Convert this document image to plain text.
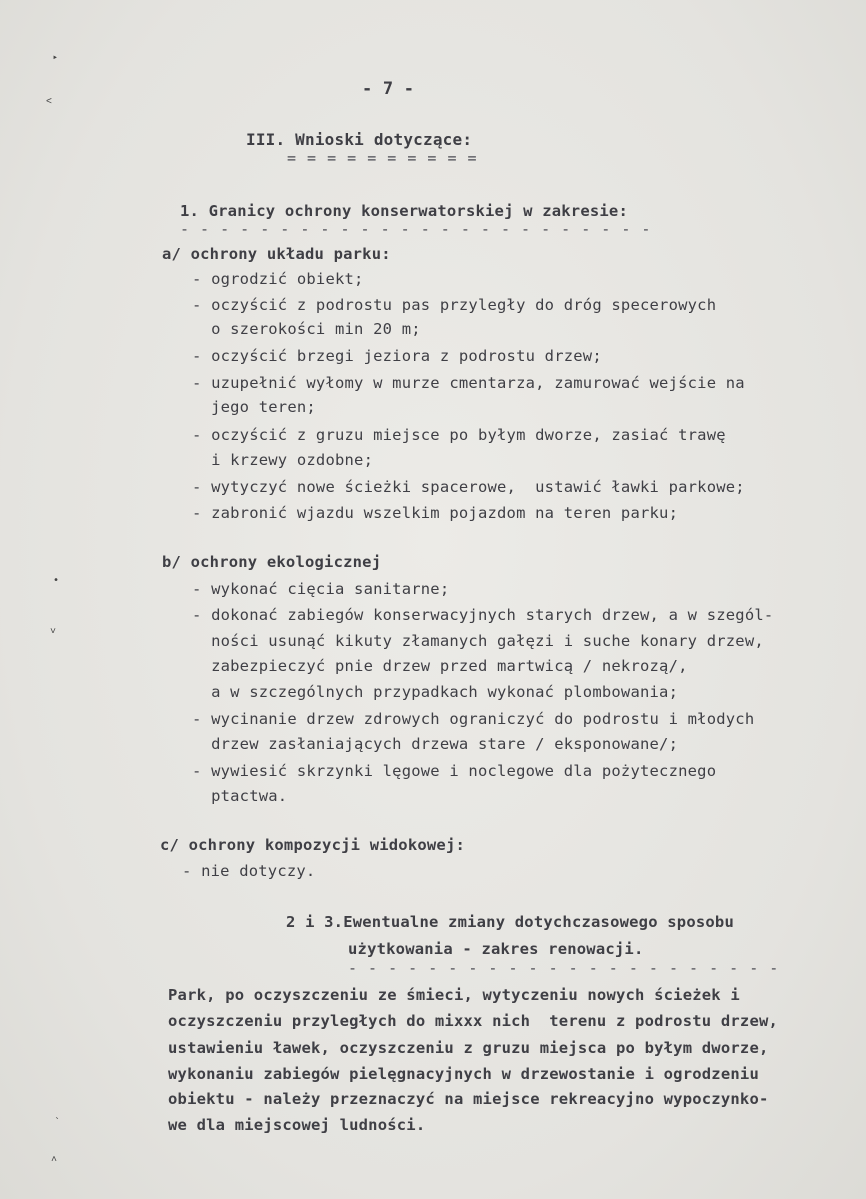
‣
˂
•
˅
ˎ
˄
- 7 -
III. Wnioski dotyczące:
= = = = = = = = = =
1. Granicy ochrony konserwatorskiej w zakresie:
- - - - - - - - - - - - - - - - - - - - - - - -
a/ ochrony układu parku:
- ogrodzić obiekt;
- oczyścić z podrostu pas przyległy do dróg specerowych
o szerokości min 20 m;
- oczyścić brzegi jeziora z podrostu drzew;
- uzupełnić wyłomy w murze cmentarza, zamurować wejście na
jego teren;
- oczyścić z gruzu miejsce po byłym dworze, zasiać trawę
i krzewy ozdobne;
- wytyczyć nowe ścieżki spacerowe,  ustawić ławki parkowe;
- zabronić wjazdu wszelkim pojazdom na teren parku;
b/ ochrony ekologicznej
- wykonać cięcia sanitarne;
- dokonać zabiegów konserwacyjnych starych drzew, a w szegól-
ności usunąć kikuty złamanych gałęzi i suche konary drzew,
zabezpieczyć pnie drzew przed martwicą / nekrozą/,
a w szczególnych przypadkach wykonać plombowania;
- wycinanie drzew zdrowych ograniczyć do podrostu i młodych
drzew zasłaniających drzewa stare / eksponowane/;
- wywiesić skrzynki lęgowe i noclegowe dla pożytecznego
ptactwa.
c/ ochrony kompozycji widokowej:
- nie dotyczy.
2 i 3.Ewentualne zmiany dotychczasowego sposobu
użytkowania - zakres renowacji.
- - - - - - - - - - - - - - - - - - - - - -
Park, po oczyszczeniu ze śmieci, wytyczeniu nowych ścieżek i
oczyszczeniu przyległych do mixxx nich  terenu z podrostu drzew,
ustawieniu ławek, oczyszczeniu z gruzu miejsca po byłym dworze,
wykonaniu zabiegów pielęgnacyjnych w drzewostanie i ogrodzeniu
obiektu - należy przeznaczyć na miejsce rekreacyjno wypoczynko-
we dla miejscowej ludności.
